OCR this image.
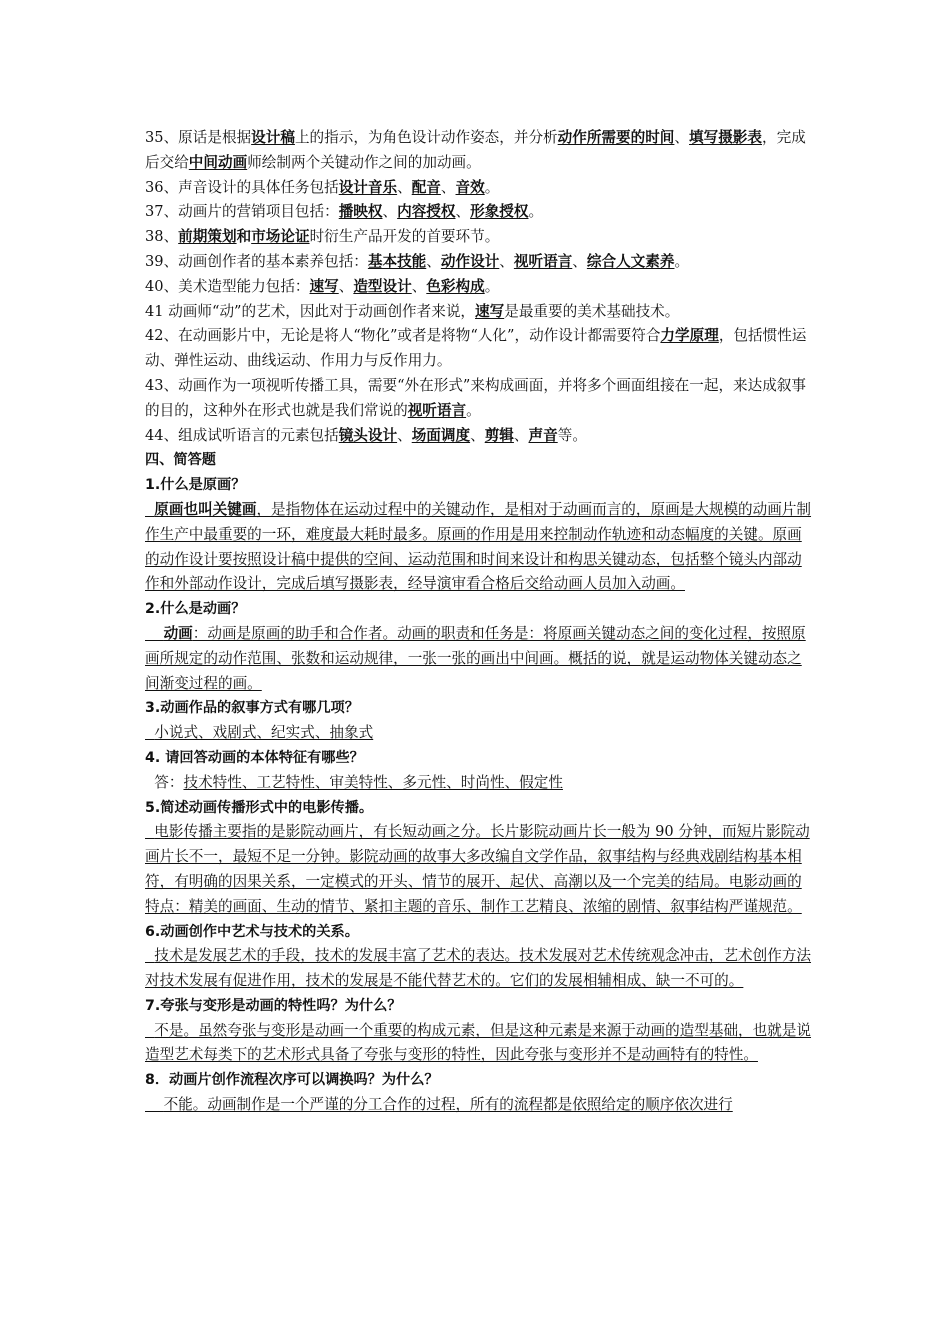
35、原话是根据设计稿上的指示，为角色设计动作姿态，并分析动作所需要的时间、填写摄影表，完成后交给中间动画师绘制两个关键动作之间的加动画。

36、声音设计的具体任务包括设计音乐、配音、音效。

37、动画片的营销项目包括：播映权、内容授权、形象授权。

38、前期策划和市场论证时衍生产品开发的首要环节。

39、动画创作者的基本素养包括：基本技能、动作设计、视听语言、综合人文素养。

40、美术造型能力包括：速写、造型设计、色彩构成。

41 动画师“动”的艺术，因此对于动画创作者来说，速写是最重要的美术基础技术。

42、在动画影片中，无论是将人“物化”或者是将物“人化”，动作设计都需要符合力学原理，包括惯性运动、弹性运动、曲线运动、作用力与反作用力。

43、动画作为一项视听传播工具，需要“外在形式”来构成画面，并将多个画面组接在一起，来达成叙事的目的，这种外在形式也就是我们常说的视听语言。

44、组成试听语言的元素包括镜头设计、场面调度、剪辑、声音等。

四、简答题

1.什么是原画？

原画也叫关键画，是指物体在运动过程中的关键动作，是相对于动画而言的，原画是大规模的动画片制作生产中最重要的一环，难度最大耗时最多。原画的作用是用来控制动作轨迹和动态幅度的关键。原画的动作设计要按照设计稿中提供的空间、运动范围和时间来设计和构思关键动态，包括整个镜头内部动作和外部动作设计，完成后填写摄影表，经导演审看合格后交给动画人员加入动画。

2.什么是动画？

动画：动画是原画的助手和合作者。动画的职责和任务是：将原画关键动态之间的变化过程，按照原画所规定的动作范围、张数和运动规律，一张一张的画出中间画。概括的说，就是运动物体关键动态之间渐变过程的画。

3.动画作品的叙事方式有哪几项？

小说式、戏剧式、纪实式、抽象式

4. 请回答动画的本体特征有哪些？

答：技术特性、工艺特性、审美特性、多元性、时尚性、假定性

5.简述动画传播形式中的电影传播。

电影传播主要指的是影院动画片，有长短动画之分。长片影院动画片长一般为 90 分钟，而短片影院动画片长不一，最短不足一分钟。影院动画的故事大多改编自文学作品，叙事结构与经典戏剧结构基本相符，有明确的因果关系，一定模式的开头、情节的展开、起伏、高潮以及一个完美的结局。电影动画的特点：精美的画面、生动的情节、紧扣主题的音乐、制作工艺精良、浓缩的剧情、叙事结构严谨规范。

6.动画创作中艺术与技术的关系。

技术是发展艺术的手段，技术的发展丰富了艺术的表达。技术发展对艺术传统观念冲击，艺术创作方法对技术发展有促进作用，技术的发展是不能代替艺术的。它们的发展相辅相成、缺一不可的。

7.夸张与变形是动画的特性吗？为什么？

不是。虽然夸张与变形是动画一个重要的构成元素，但是这种元素是来源于动画的造型基础，也就是说造型艺术每类下的艺术形式具备了夸张与变形的特性，因此夸张与变形并不是动画特有的特性。

8．动画片创作流程次序可以调换吗？为什么？

不能。动画制作是一个严谨的分工合作的过程，所有的流程都是依照给定的顺序依次进行
